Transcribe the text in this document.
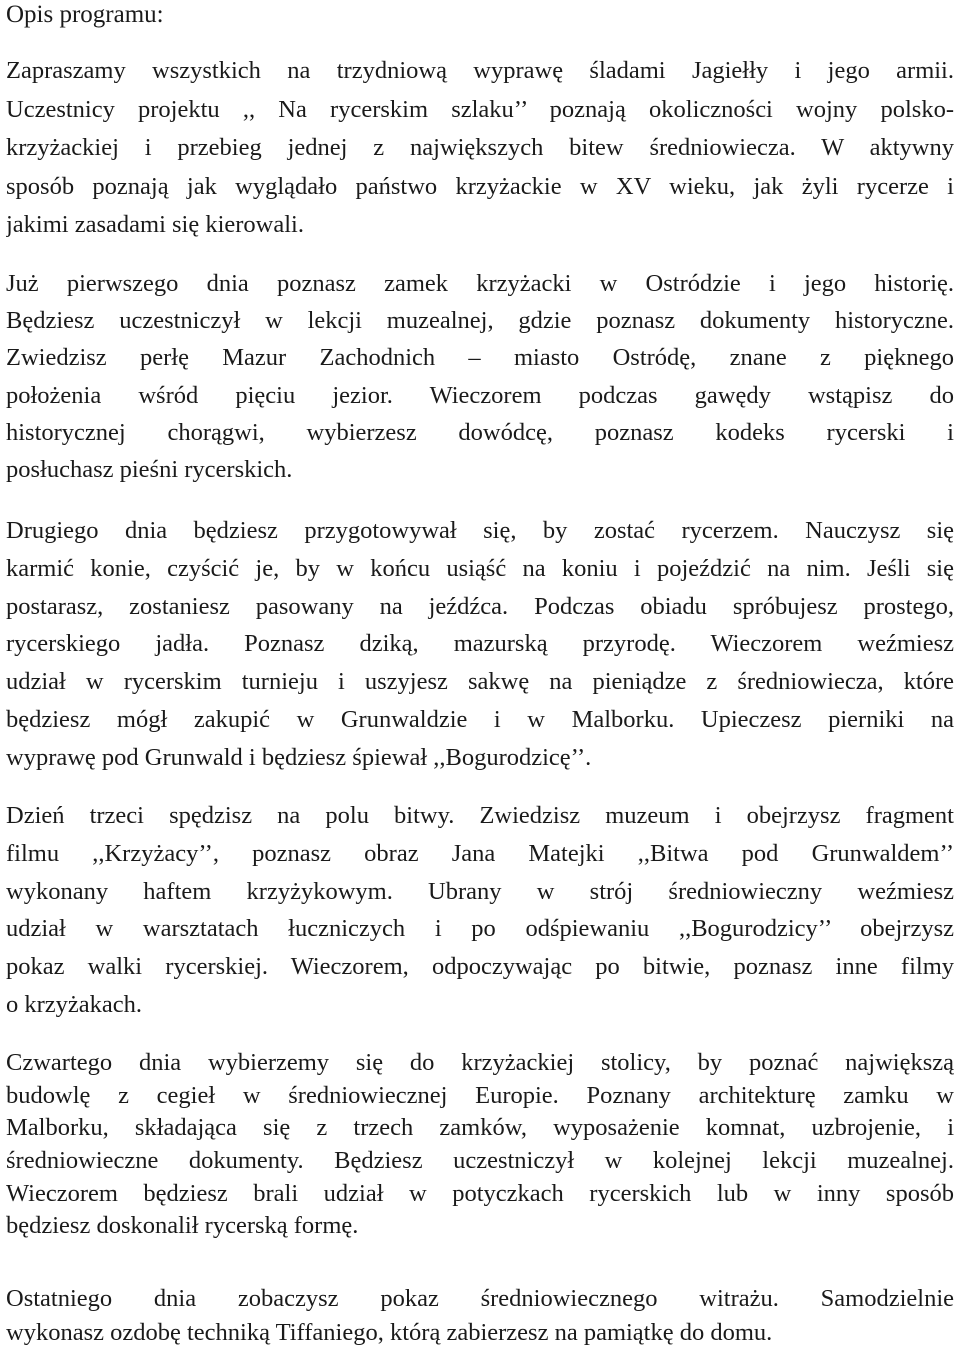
Opis programu:
Zapraszamy wszystkich na trzydniową wyprawę śladami Jagiełły i jego armii.
Uczestnicy projektu ,, Na rycerskim szlaku’’ poznają okoliczności wojny polsko-
krzyżackiej i przebieg jednej z największych bitew średniowiecza. W aktywny
sposób poznają jak wyglądało państwo krzyżackie w XV wieku, jak żyli rycerze i
jakimi zasadami się kierowali.
Już pierwszego dnia poznasz zamek krzyżacki w Ostródzie i jego historię.
Będziesz uczestniczył w lekcji muzealnej, gdzie poznasz dokumenty historyczne.
Zwiedzisz perłę Mazur Zachodnich – miasto Ostródę, znane z pięknego
położenia wśród pięciu jezior. Wieczorem podczas gawędy wstąpisz do
historycznej chorągwi, wybierzesz dowódcę, poznasz kodeks rycerski i
posłuchasz pieśni rycerskich.
Drugiego dnia będziesz przygotowywał się, by zostać rycerzem. Nauczysz się
karmić konie, czyścić je, by w końcu usiąść na koniu i pojeździć na nim. Jeśli się
postarasz, zostaniesz pasowany na jeźdźca. Podczas obiadu spróbujesz prostego,
rycerskiego jadła. Poznasz dziką, mazurską przyrodę. Wieczorem weźmiesz
udział w rycerskim turnieju i uszyjesz sakwę na pieniądze z średniowiecza, które
będziesz mógł zakupić w Grunwaldzie i w Malborku. Upieczesz pierniki na
wyprawę pod Grunwald i będziesz śpiewał ,,Bogurodzicę’’.
Dzień trzeci spędzisz na polu bitwy. Zwiedzisz muzeum i obejrzysz fragment
filmu ,,Krzyżacy’’, poznasz obraz Jana Matejki ,,Bitwa pod Grunwaldem’’
wykonany haftem krzyżykowym. Ubrany w strój średniowieczny weźmiesz
udział w warsztatach łuczniczych i po odśpiewaniu ,,Bogurodzicy’’ obejrzysz
pokaz walki rycerskiej. Wieczorem, odpoczywając po bitwie, poznasz inne filmy
o krzyżakach.
Czwartego dnia wybierzemy się do krzyżackiej stolicy, by poznać największą
budowlę z cegieł w średniowiecznej Europie. Poznany architekturę zamku w
Malborku, składająca się z trzech zamków, wyposażenie komnat, uzbrojenie, i
średniowieczne dokumenty. Będziesz uczestniczył w kolejnej lekcji muzealnej.
Wieczorem będziesz brali udział w potyczkach rycerskich lub w inny sposób
będziesz doskonalił rycerską formę.
Ostatniego dnia zobaczysz pokaz średniowiecznego witrażu. Samodzielnie
wykonasz ozdobę techniką Tiffaniego, którą zabierzesz na pamiątkę do domu.
